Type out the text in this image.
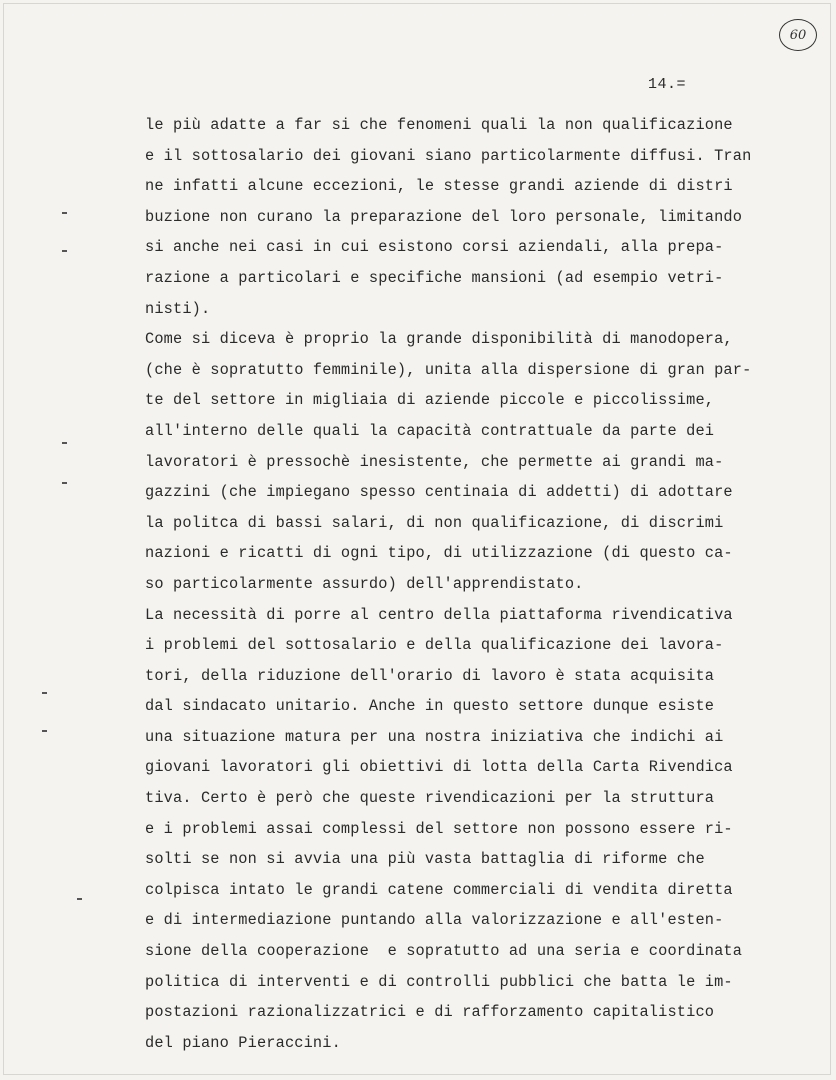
60
14.=
le più adatte a far si che fenomeni quali la non qualificazione
e il sottosalario dei giovani siano particolarmente diffusi. Tran
ne infatti alcune eccezioni, le stesse grandi aziende di distri
buzione non curano la preparazione del loro personale, limitando
si anche nei casi in cui esistono corsi aziendali, alla prepa-
razione a particolari e specifiche mansioni (ad esempio vetri-
nisti).
Come si diceva è proprio la grande disponibilità di manodopera,
(che è sopratutto femminile), unita alla dispersione di gran par-
te del settore in migliaia di aziende piccole e piccolissime,
all'interno delle quali la capacità contrattuale da parte dei
lavoratori è pressochè inesistente, che permette ai grandi ma-
gazzini (che impiegano spesso centinaia di addetti) di adottare
la politca di bassi salari, di non qualificazione, di discrimi
nazioni e ricatti di ogni tipo, di utilizzazione (di questo ca-
so particolarmente assurdo) dell'apprendistato.
La necessità di porre al centro della piattaforma rivendicativa
i problemi del sottosalario e della qualificazione dei lavora-
tori, della riduzione dell'orario di lavoro è stata acquisita
dal sindacato unitario. Anche in questo settore dunque esiste
una situazione matura per una nostra iniziativa che indichi ai
giovani lavoratori gli obiettivi di lotta della Carta Rivendica
tiva. Certo è però che queste rivendicazioni per la struttura
e i problemi assai complessi del settore non possono essere ri-
solti se non si avvia una più vasta battaglia di riforme che
colpisca intato le grandi catene commerciali di vendita diretta
e di intermediazione puntando alla valorizzazione e all'esten-
sione della cooperazione  e sopratutto ad una seria e coordinata
politica di interventi e di controlli pubblici che batta le im-
postazioni razionalizzatrici e di rafforzamento capitalistico
del piano Pieraccini.
